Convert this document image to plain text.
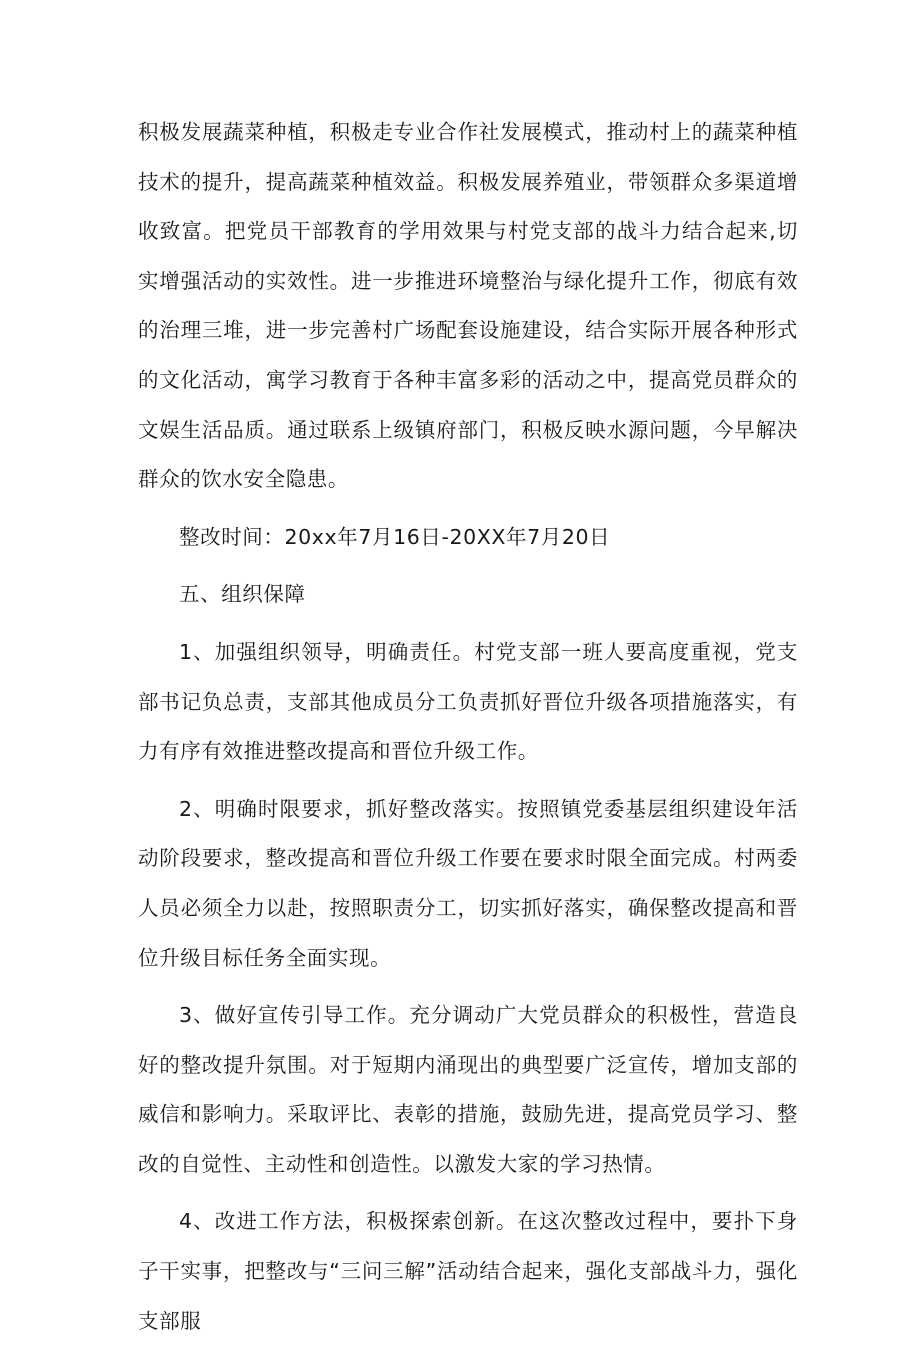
积极发展蔬菜种植，积极走专业合作社发展模式，推动村上的蔬菜种植技术的提升，提高蔬菜种植效益。积极发展养殖业，带领群众多渠道增收致富。把党员干部教育的学用效果与村党支部的战斗力结合起来,切实增强活动的实效性。进一步推进环境整治与绿化提升工作，彻底有效的治理三堆，进一步完善村广场配套设施建设，结合实际开展各种形式的文化活动，寓学习教育于各种丰富多彩的活动之中，提高党员群众的文娱生活品质。通过联系上级镇府部门，积极反映水源问题，今早解决群众的饮水安全隐患。

整改时间：20xx年7月16日-20XX年7月20日

五、组织保障

1、加强组织领导，明确责任。村党支部一班人要高度重视，党支部书记负总责，支部其他成员分工负责抓好晋位升级各项措施落实，有力有序有效推进整改提高和晋位升级工作。

2、明确时限要求，抓好整改落实。按照镇党委基层组织建设年活动阶段要求，整改提高和晋位升级工作要在要求时限全面完成。村两委人员必须全力以赴，按照职责分工，切实抓好落实，确保整改提高和晋位升级目标任务全面实现。

3、做好宣传引导工作。充分调动广大党员群众的积极性，营造良好的整改提升氛围。对于短期内涌现出的典型要广泛宣传，增加支部的威信和影响力。采取评比、表彰的措施，鼓励先进，提高党员学习、整改的自觉性、主动性和创造性。以激发大家的学习热情。

4、改进工作方法，积极探索创新。在这次整改过程中，要扑下身子干实事，把整改与“三问三解”活动结合起来，强化支部战斗力，强化支部服
